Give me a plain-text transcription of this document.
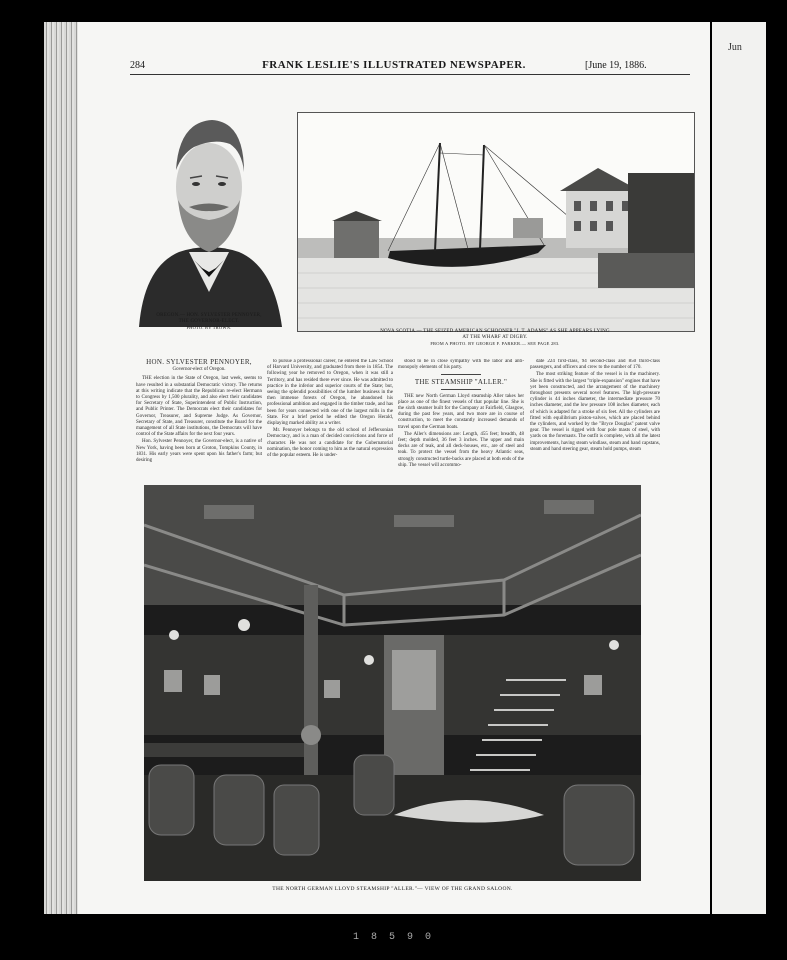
284	FRANK LESLIE'S ILLUSTRATED NEWSPAPER.	[June 19, 1886.
OREGON.— HON. SYLVESTER PENNOYER,
THE GOVERNOR-ELECT.
PHOTO. BY TROWN.
NOVA SCOTIA.— THE SEIZED AMERICAN SCHOONER "J. T. ADAMS" AS SHE APPEARS LYING
AT THE WHARF AT DIGBY.
FROM A PHOTO. BY GEORGE F. PARKER.— SEE PAGE 283.
HON. SYLVESTER PENNOYER,
Governor-elect of Oregon.

THE election in the State of Oregon, last week, seems to have resulted in a substantial Democratic victory. The returns at this writing indicate that the Republican re-elect Hermann to Congress by 1,500 plurality, and also elect their candidates for Secretary of State, Superintendent of Public Instruction, and Public Printer. The Democrats elect their candidates for Governor, Treasurer, and Supreme Judge. As Governor, Secretary of State, and Treasurer, constitute the Board for the management of all State institutions, the Democrats will have control of the State affairs for the next four years.

Hon. Sylvester Pennoyer, the Governor-elect, is a native of New York, having been born at Groton, Tompkins County, in 1831. His early years were spent upon his father's farm; but desiring

to pursue a professional career, he entered the Law School of Harvard University, and graduated from there in 1854. The following year he removed to Oregon, when it was still a Territory, and has resided there ever since. He was admitted to practice in the inferior and superior courts of the State; but, seeing the splendid possibilities of the lumber business in the then immense forests of Oregon, he abandoned his professional ambition and engaged in the timber trade, and has been for years connected with one of the largest mills in the State. For a brief period he edited the Oregon Herald, displaying marked ability as a writer.

Mr. Pennoyer belongs to the old school of Jeffersonian Democracy, and is a man of decided convictions and force of character. He was not a candidate for the Gubernatorial nomination, the honor coming to him as the natural expression of the popular esteem. He is under-

stood to be in close sympathy with the labor and anti-monopoly elements of his party.

THE STEAMSHIP "ALLER."

THE new North German Lloyd steamship Aller takes her place as one of the finest vessels of that popular line. She is the sixth steamer built for the Company at Fairfield, Glasgow, during the past few years, and two more are in course of construction, to meet the constantly increased demands of travel upon the German boats.

The Aller's dimensions are: Length, 455 feet; breadth, 48 feet; depth molded, 36 feet 3 inches. The upper and main decks are of teak, and all deck-houses, etc., are of steel and teak. To protect the vessel from the heavy Atlantic seas, strongly constructed turtle-backs are placed at both ends of the ship. The vessel will accommo-

date 224 first-class, 94 second-class and 850 third-class passengers, and officers and crew to the number of 170.

The most striking feature of the vessel is in the machinery. She is fitted with the largest "triple-expansion" engines that have yet been constructed, and the arrangement of the machinery throughout presents several novel features. The high-pressure cylinder is 44 inches diameter, the intermediate pressure 70 inches diameter, and the low pressure 108 inches diameter, each of which is adapted for a stroke of six feet. All the cylinders are fitted with equilibrium piston-valves, which are placed behind the cylinders, and worked by the "Bryce Douglas" patent valve gear. The vessel is rigged with four pole masts of steel, with yards on the foremasts. The outfit is complete, with all the latest improvements, having steam windlass, steam and hand capstans, steam and hand steering gear, steam hold pumps, steam

THE NORTH GERMAN LLOYD STEAMSHIP "ALLER."— VIEW OF THE GRAND SALOON.
Jun
1 8 5 9 0
